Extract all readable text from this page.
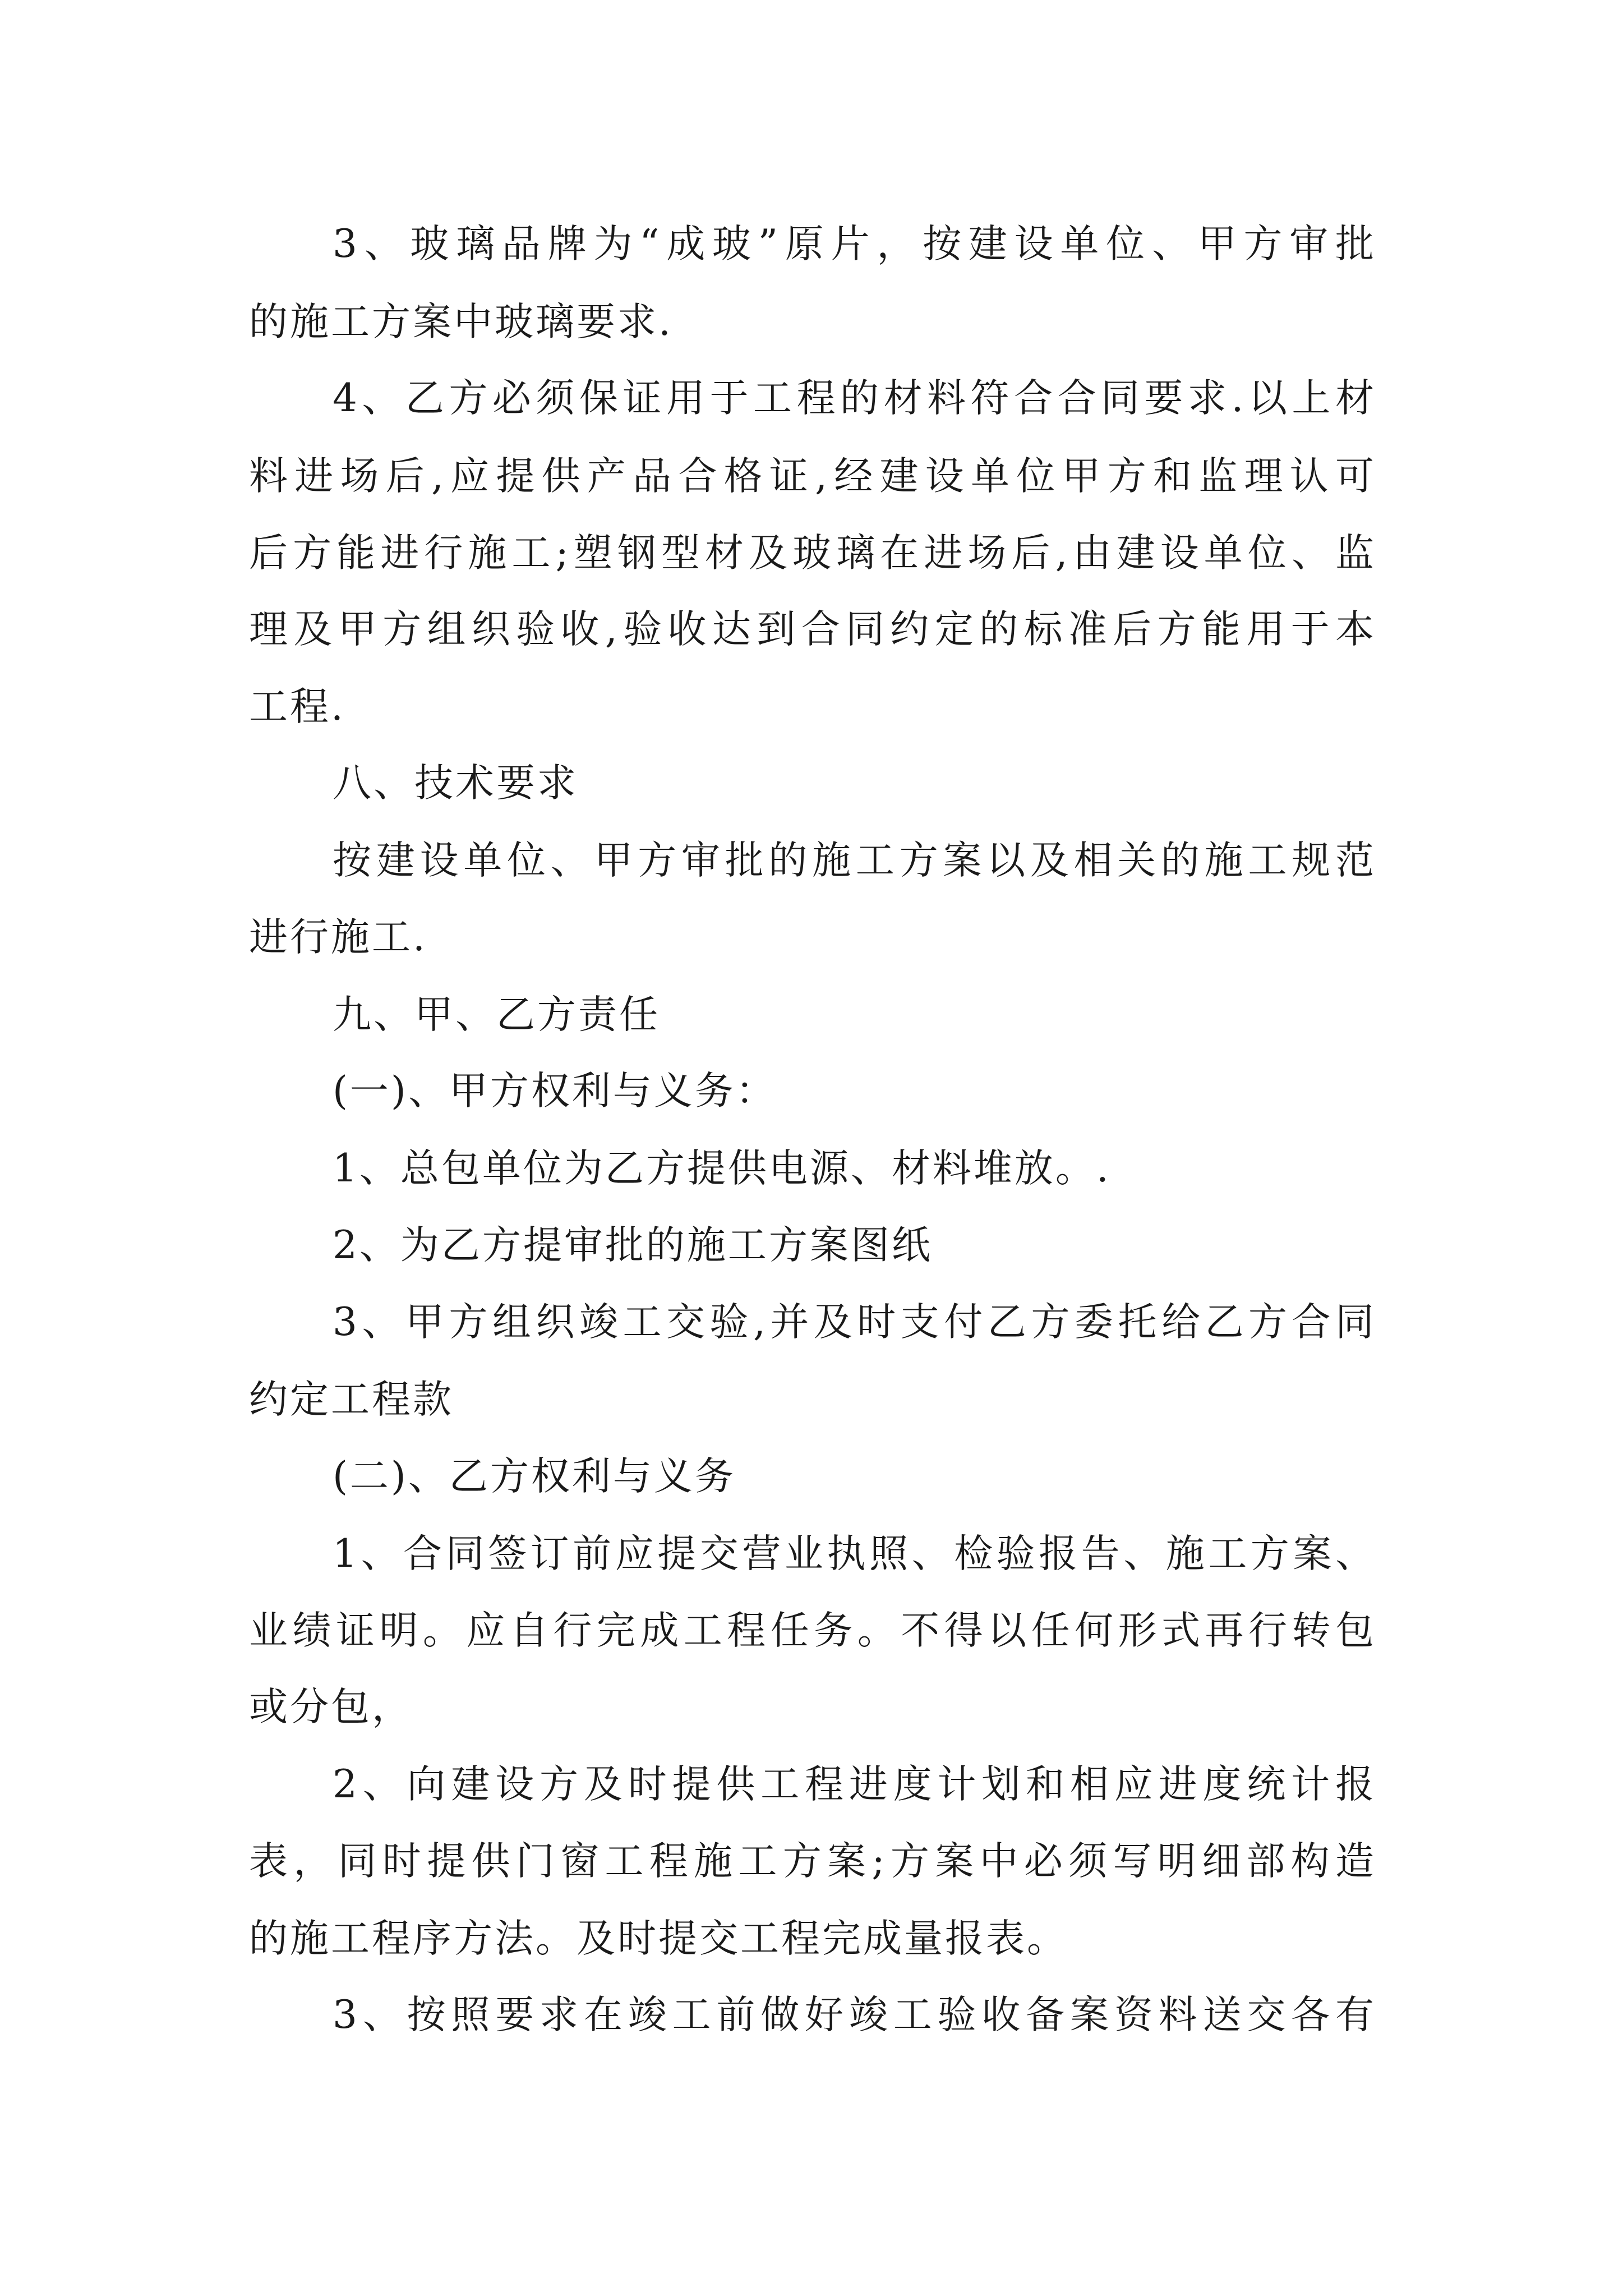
3、玻璃品牌为“成玻”原片，按建设单位、甲方审批

的施工方案中玻璃要求.

4、乙方必须保证用于工程的材料符合合同要求.以上材

料进场后,应提供产品合格证,经建设单位甲方和监理认可

后方能进行施工;塑钢型材及玻璃在进场后,由建设单位、监

理及甲方组织验收,验收达到合同约定的标准后方能用于本

工程.

八、技术要求

按建设单位、甲方审批的施工方案以及相关的施工规范

进行施工.

九、甲、乙方责任

(一)、甲方权利与义务：

1、总包单位为乙方提供电源、材料堆放。.

2、为乙方提审批的施工方案图纸

3、甲方组织竣工交验,并及时支付乙方委托给乙方合同

约定工程款

(二)、乙方权利与义务

1、合同签订前应提交营业执照、检验报告、施工方案、

业绩证明。应自行完成工程任务。不得以任何形式再行转包

或分包，

2、向建设方及时提供工程进度计划和相应进度统计报

表，同时提供门窗工程施工方案;方案中必须写明细部构造

的施工程序方法。及时提交工程完成量报表。

3、按照要求在竣工前做好竣工验收备案资料送交各有
